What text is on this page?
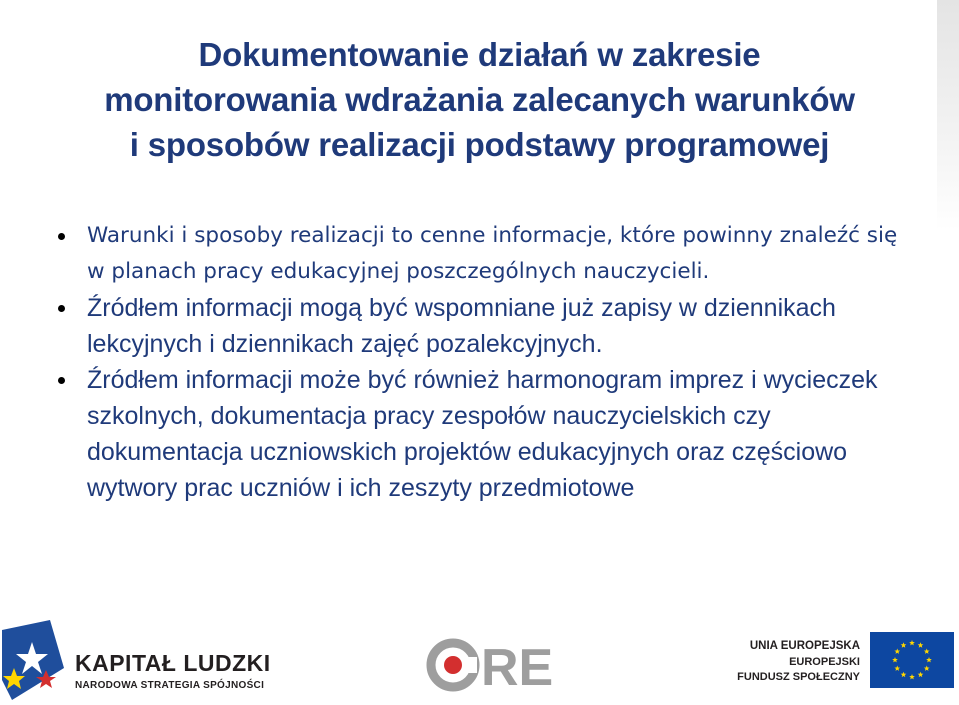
Dokumentowanie działań w zakresie
monitorowania wdrażania zalecanych warunków
i sposobów realizacji podstawy programowej
Warunki i sposoby realizacji to cenne informacje, które powinny znaleźć się w planach pracy edukacyjnej poszczególnych nauczycieli.
Źródłem informacji mogą być wspomniane już zapisy w dziennikach lekcyjnych i dziennikach zajęć pozalekcyjnych.
Źródłem informacji może być również harmonogram imprez i wycieczek szkolnych, dokumentacja pracy zespołów nauczycielskich czy dokumentacja uczniowskich projektów edukacyjnych oraz częściowo wytwory prac uczniów i ich zeszyty przedmiotowe
KAPITAŁ LUDZKI
NARODOWA STRATEGIA SPÓJNOŚCI	RE	UNIA EUROPEJSKA
EUROPEJSKI
FUNDUSZ SPOŁECZNY
